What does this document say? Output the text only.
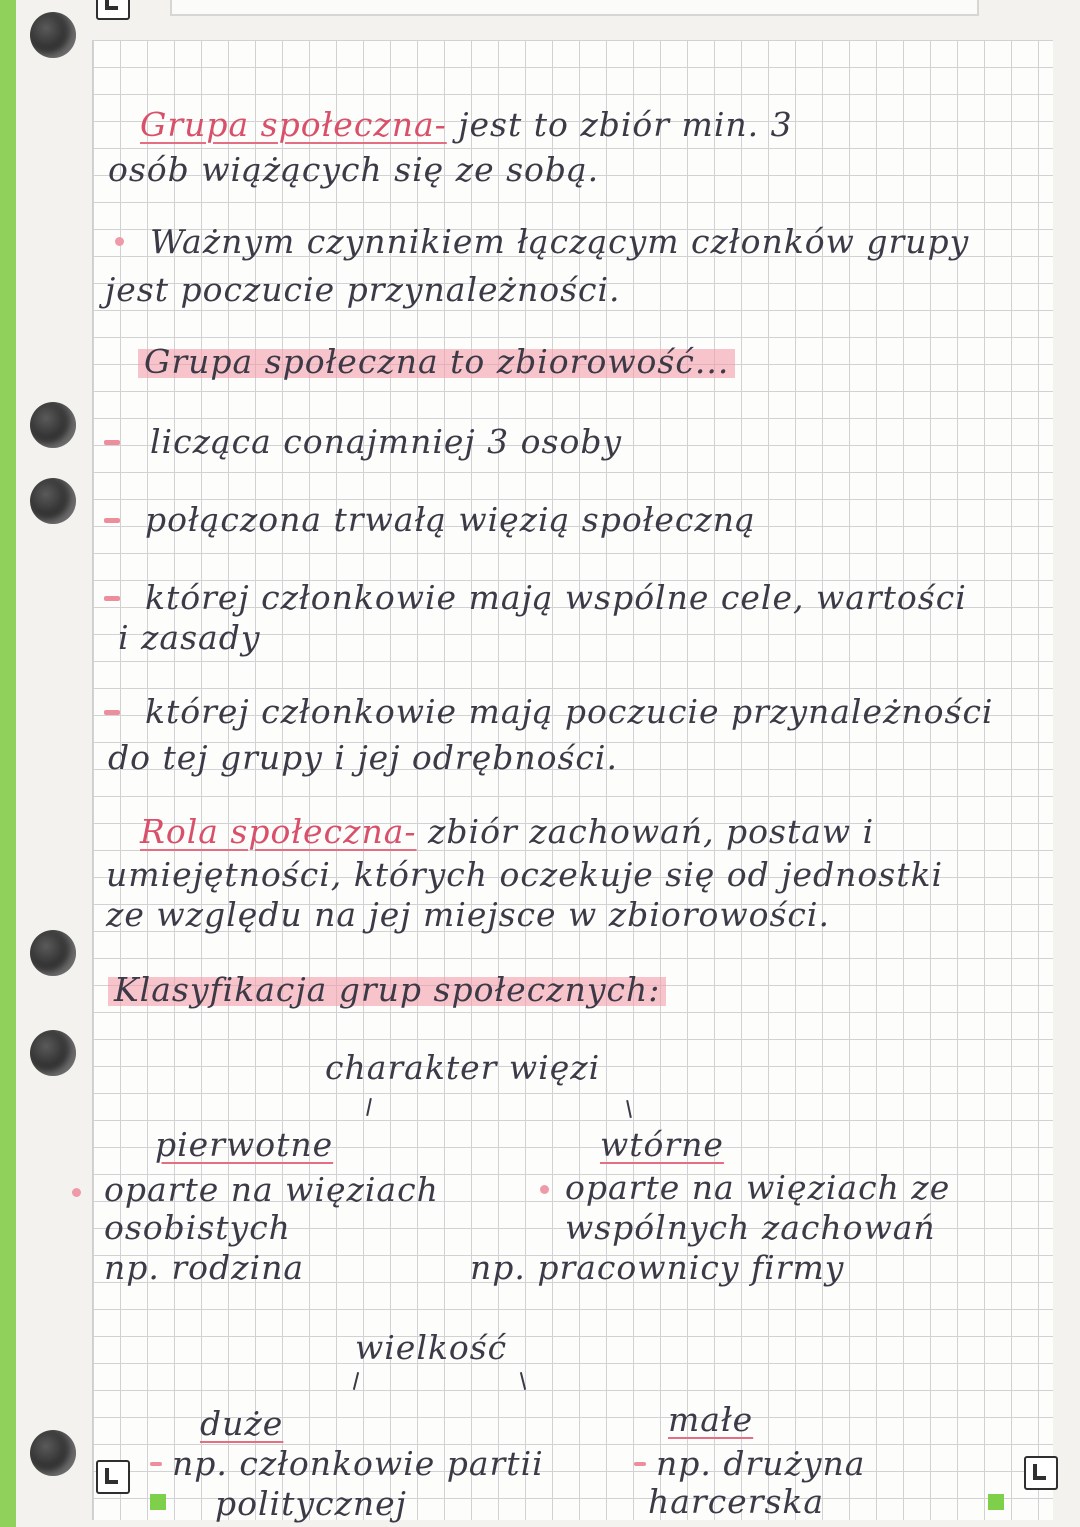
Grupa społeczna- jest to zbiór min. 3
osób wiążących się ze sobą.
Ważnym czynnikiem łączącym członków grupy
jest poczucie przynależności.
Grupa społeczna to zbiorowość...
licząca conajmniej 3 osoby
połączona trwałą więzią społeczną
której członkowie mają wspólne cele, wartości
i zasady
której członkowie mają poczucie przynależności
do tej grupy i jej odrębności.
Rola społeczna- zbiór zachowań, postaw i
umiejętności, których oczekuje się od jednostki
ze względu na jej miejsce w zbiorowości.
Klasyfikacja grup społecznych:
charakter więzi
pierwotne
oparte na więziach
osobistych
np. rodzina
wtórne
oparte na więziach ze
wspólnych zachowań
np. pracownicy firmy
wielkość
duże
np. członkowie partii
politycznej
małe
np. drużyna
harcerska
